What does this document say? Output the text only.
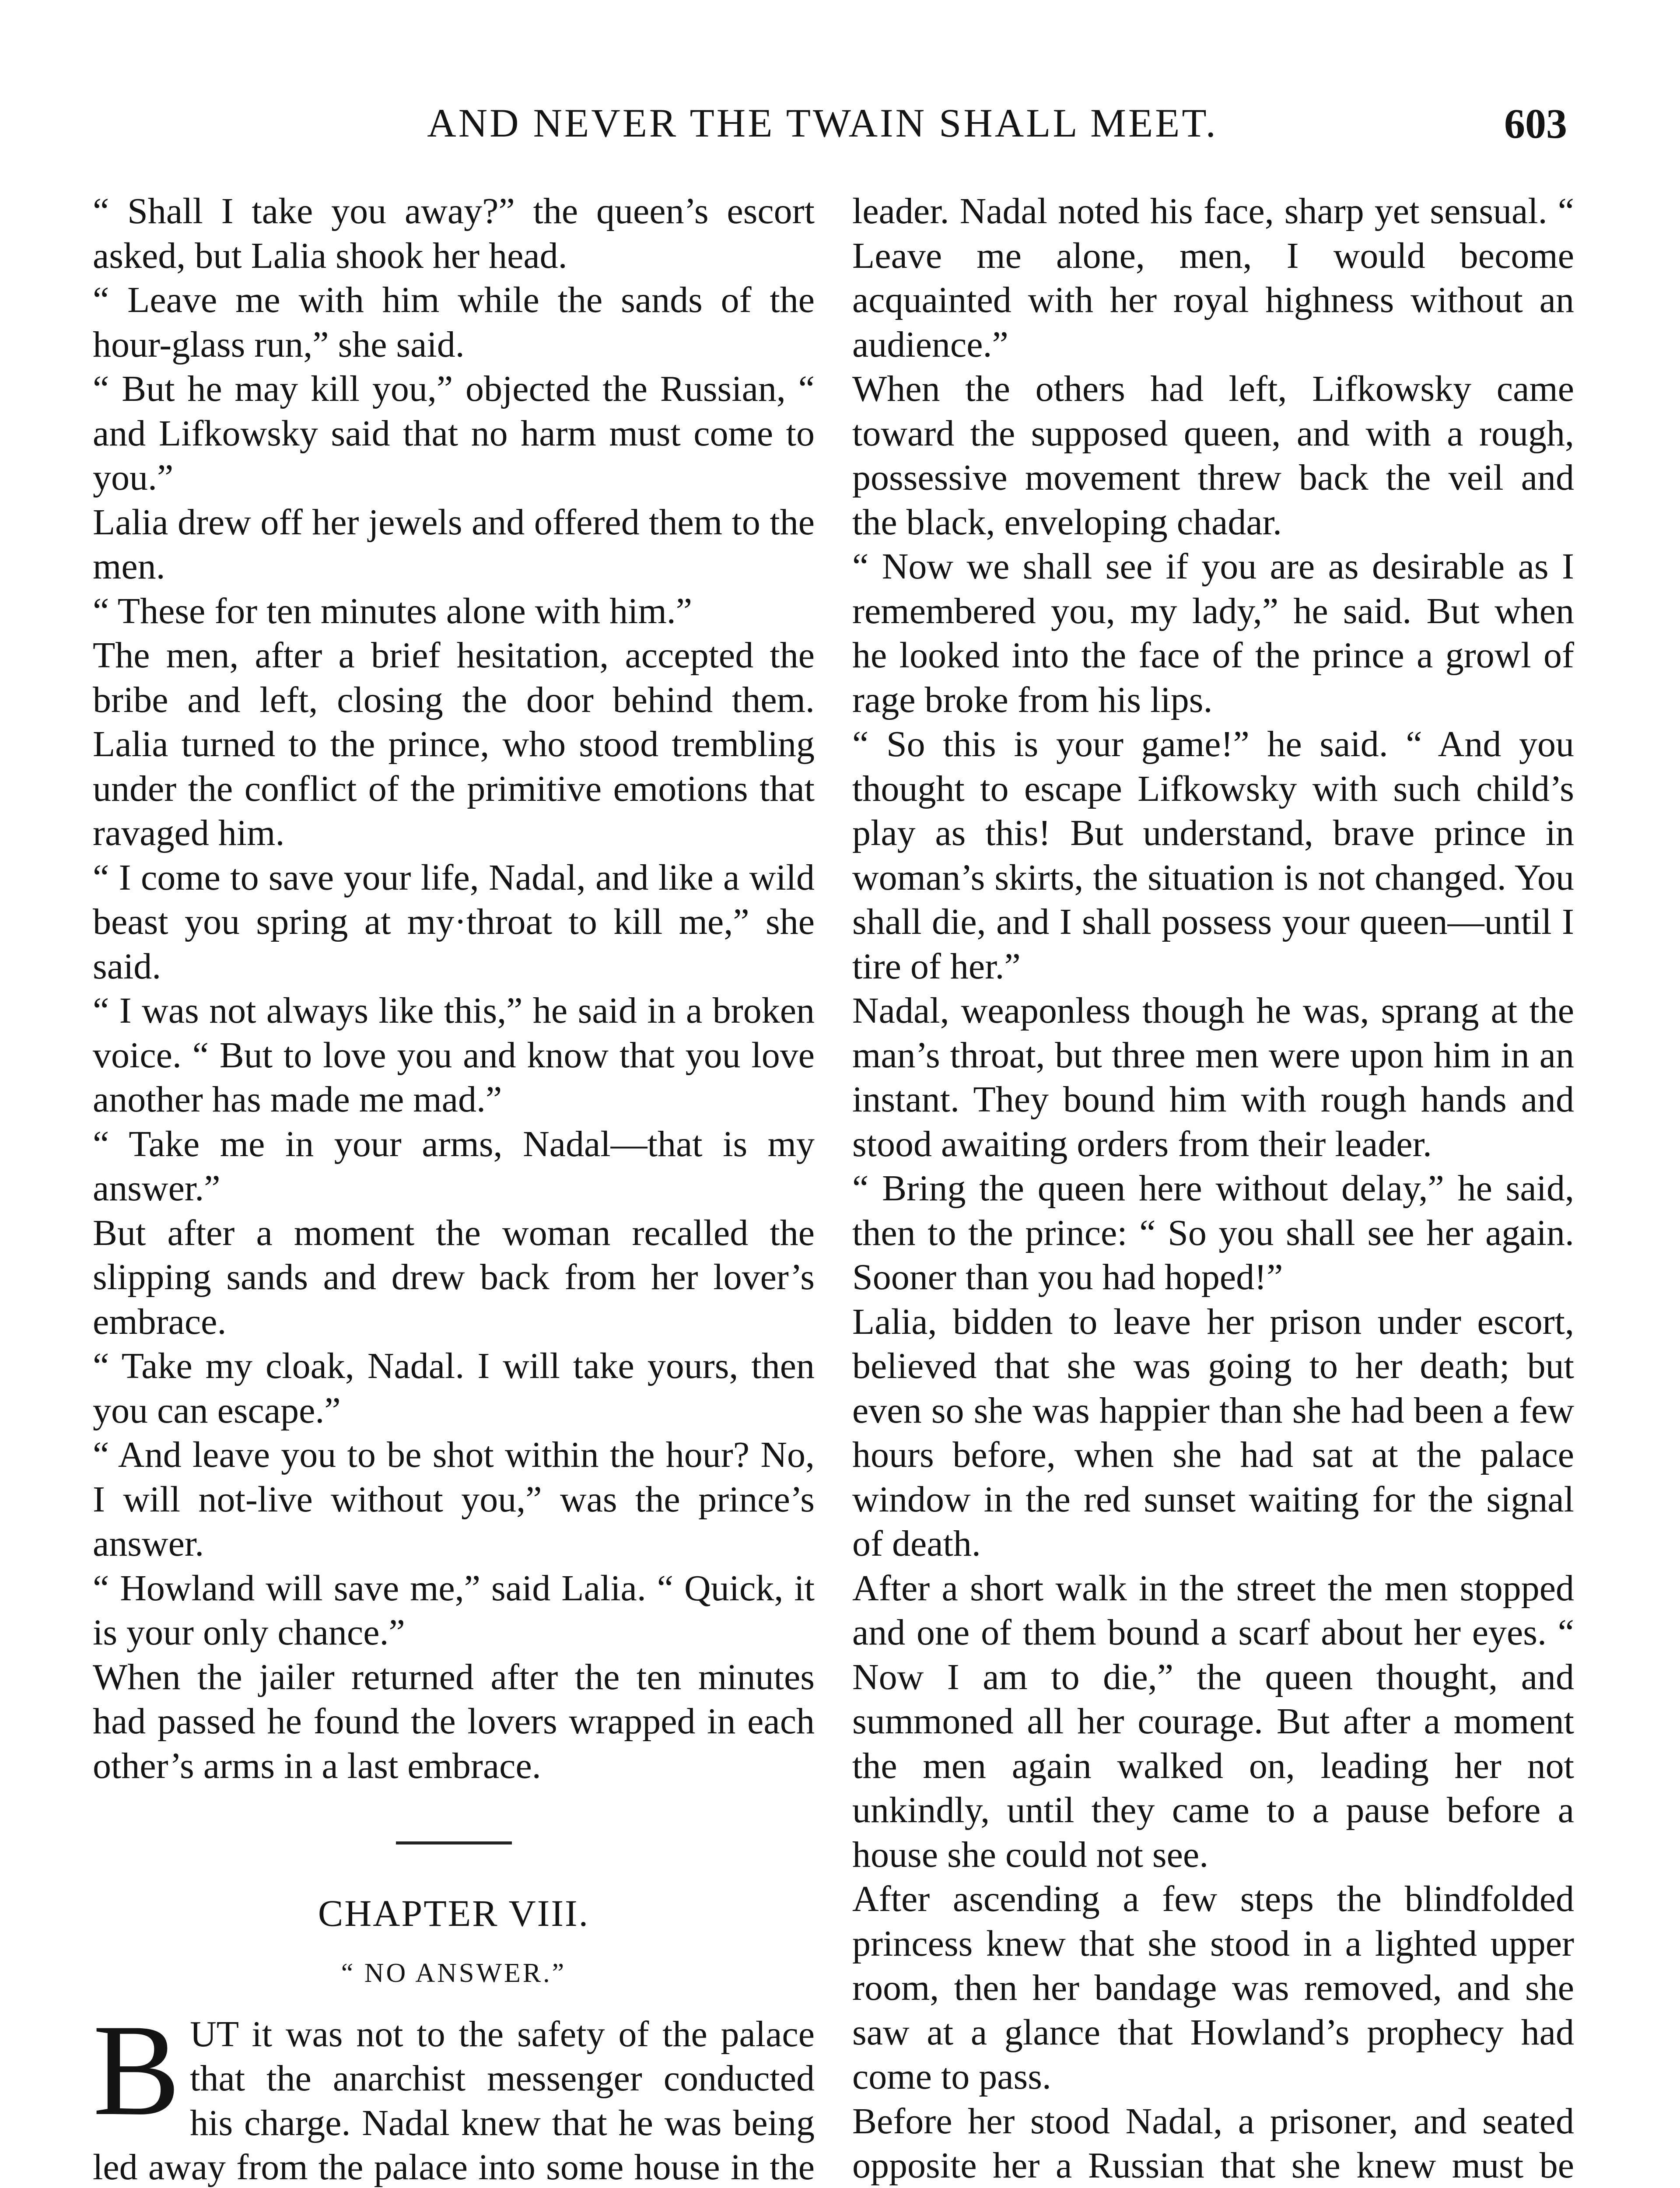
AND NEVER THE TWAIN SHALL MEET.	603

“ Shall I take you away?” the queen’s escort asked, but Lalia shook her head.

“ Leave me with him while the sands of the hour-glass run,” she said.

“ But he may kill you,” objected the Russian, “ and Lifkowsky said that no harm must come to you.”

Lalia drew off her jewels and offered them to the men.

“ These for ten minutes alone with him.”

The men, after a brief hesitation, accepted the bribe and left, closing the door behind them. Lalia turned to the prince, who stood trembling under the conflict of the primitive emotions that ravaged him.

“ I come to save your life, Nadal, and like a wild beast you spring at my·throat to kill me,” she said.

“ I was not always like this,” he said in a broken voice. “ But to love you and know that you love another has made me mad.”

“ Take me in your arms, Nadal—that is my answer.”

But after a moment the woman recalled the slipping sands and drew back from her lover’s embrace.

“ Take my cloak, Nadal. I will take yours, then you can escape.”

“ And leave you to be shot within the hour? No, I will not-live without you,” was the prince’s answer.

“ Howland will save me,” said Lalia. “ Quick, it is your only chance.”

When the jailer returned after the ten minutes had passed he found the lovers wrapped in each other’s arms in a last embrace.

CHAPTER VIII.
“ NO ANSWER.”

BUT it was not to the safety of the palace that the anarchist messenger conducted his charge. Nadal knew that he was being led away from the palace into some house in the

leader. Nadal noted his face, sharp yet sensual. “ Leave me alone, men, I would become acquainted with her royal highness without an audience.”

When the others had left, Lifkowsky came toward the supposed queen, and with a rough, possessive movement threw back the veil and the black, enveloping chadar.

“ Now we shall see if you are as desirable as I remembered you, my lady,” he said. But when he looked into the face of the prince a growl of rage broke from his lips.

“ So this is your game!” he said. “ And you thought to escape Lifkowsky with such child’s play as this! But understand, brave prince in woman’s skirts, the situation is not changed. You shall die, and I shall possess your queen—until I tire of her.”

Nadal, weaponless though he was, sprang at the man’s throat, but three men were upon him in an instant. They bound him with rough hands and stood awaiting orders from their leader.

“ Bring the queen here without delay,” he said, then to the prince: “ So you shall see her again. Sooner than you had hoped!”

Lalia, bidden to leave her prison under escort, believed that she was going to her death; but even so she was happier than she had been a few hours before, when she had sat at the palace window in the red sunset waiting for the signal of death.

After a short walk in the street the men stopped and one of them bound a scarf about her eyes. “ Now I am to die,” the queen thought, and summoned all her courage. But after a moment the men again walked on, leading her not unkindly, until they came to a pause before a house she could not see.

After ascending a few steps the blindfolded princess knew that she stood in a lighted upper room, then her bandage was removed, and she saw at a glance that Howland’s prophecy had come to pass.

Before her stood Nadal, a prisoner, and seated opposite her a Russian that she knew must be
